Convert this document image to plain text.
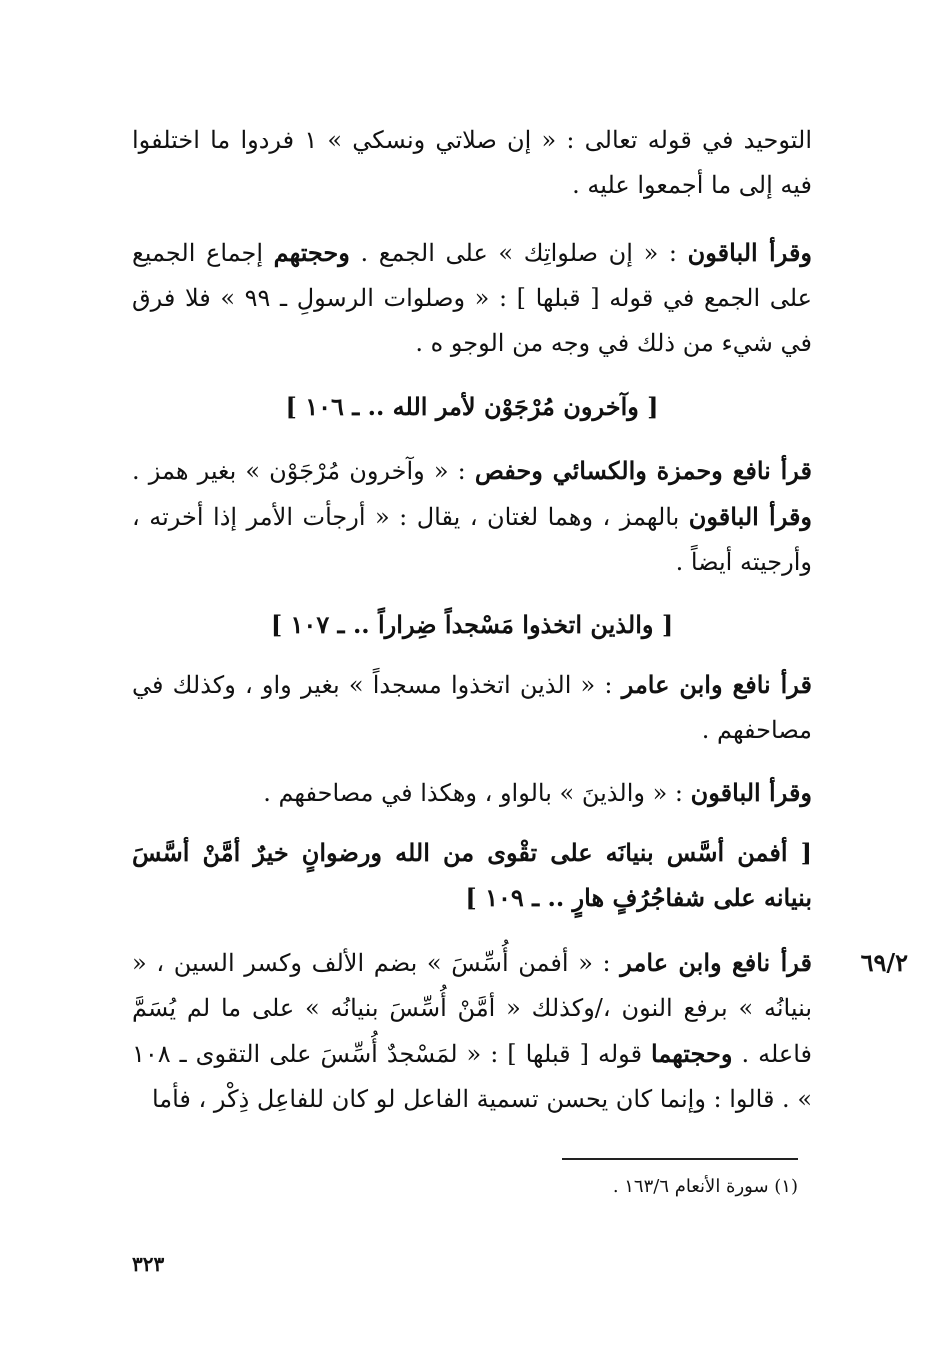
التوحيد في قوله تعالى : « إن صلاتي ونسكي » ١ فردوا ما اختلفوا فيه إلى ما أجمعوا عليه .

وقرأ الباقون : « إن صلواتِك » على الجمع . وحجتهم إجماع الجميع على الجمع في قوله [ قبلها ] : « وصلوات الرسولِ ـ ٩٩ » فلا فرق في شيء من ذلك في وجه من الوجو ه .

[ وآخرون مُرْجَوْن لأمر الله .. ـ ١٠٦ ]

قرأ نافع وحمزة والكسائي وحفص : « وآخرون مُرْجَوْن » بغير همز . وقرأ الباقون بالهمز ، وهما لغتان ، يقال : « أرجأت الأمر إذا أخرته ، وأرجيته أيضاً .

[ والذين اتخذوا مَسْجداً ضِراراً .. ـ ١٠٧ ]

قرأ نافع وابن عامر : « الذين اتخذوا مسجداً » بغير واو ، وكذلك في مصاحفهم .

وقرأ الباقون : « والذينَ » بالواو ، وهكذا في مصاحفهم .

[ أفمن أسَّس بنيانَه على تقْوى من الله ورضوانٍ خيرٌ أمَّنْ أسَّسَ بنيانه على شفاجُرُفٍ هارٍ .. ـ ١٠٩ ]

٦٩/٢

قرأ نافع وابن عامر : « أفمن أُسِّسَ » بضم الألف وكسر السين ، « بنيانُه » برفع النون ،/وكذلك « أمَّنْ أُسِّسَ بنيانُه » على ما لم يُسَمَّ فاعله . وحجتهما قوله [ قبلها ] : « لمَسْجدٌ أُسِّسَ على التقوى ـ ١٠٨ » . قالوا : وإنما كان يحسن تسمية الفاعل لو كان للفاعِل ذِكْر ، فأما

(١) سورة الأنعام ١٦٣/٦ .
٣٢٣
